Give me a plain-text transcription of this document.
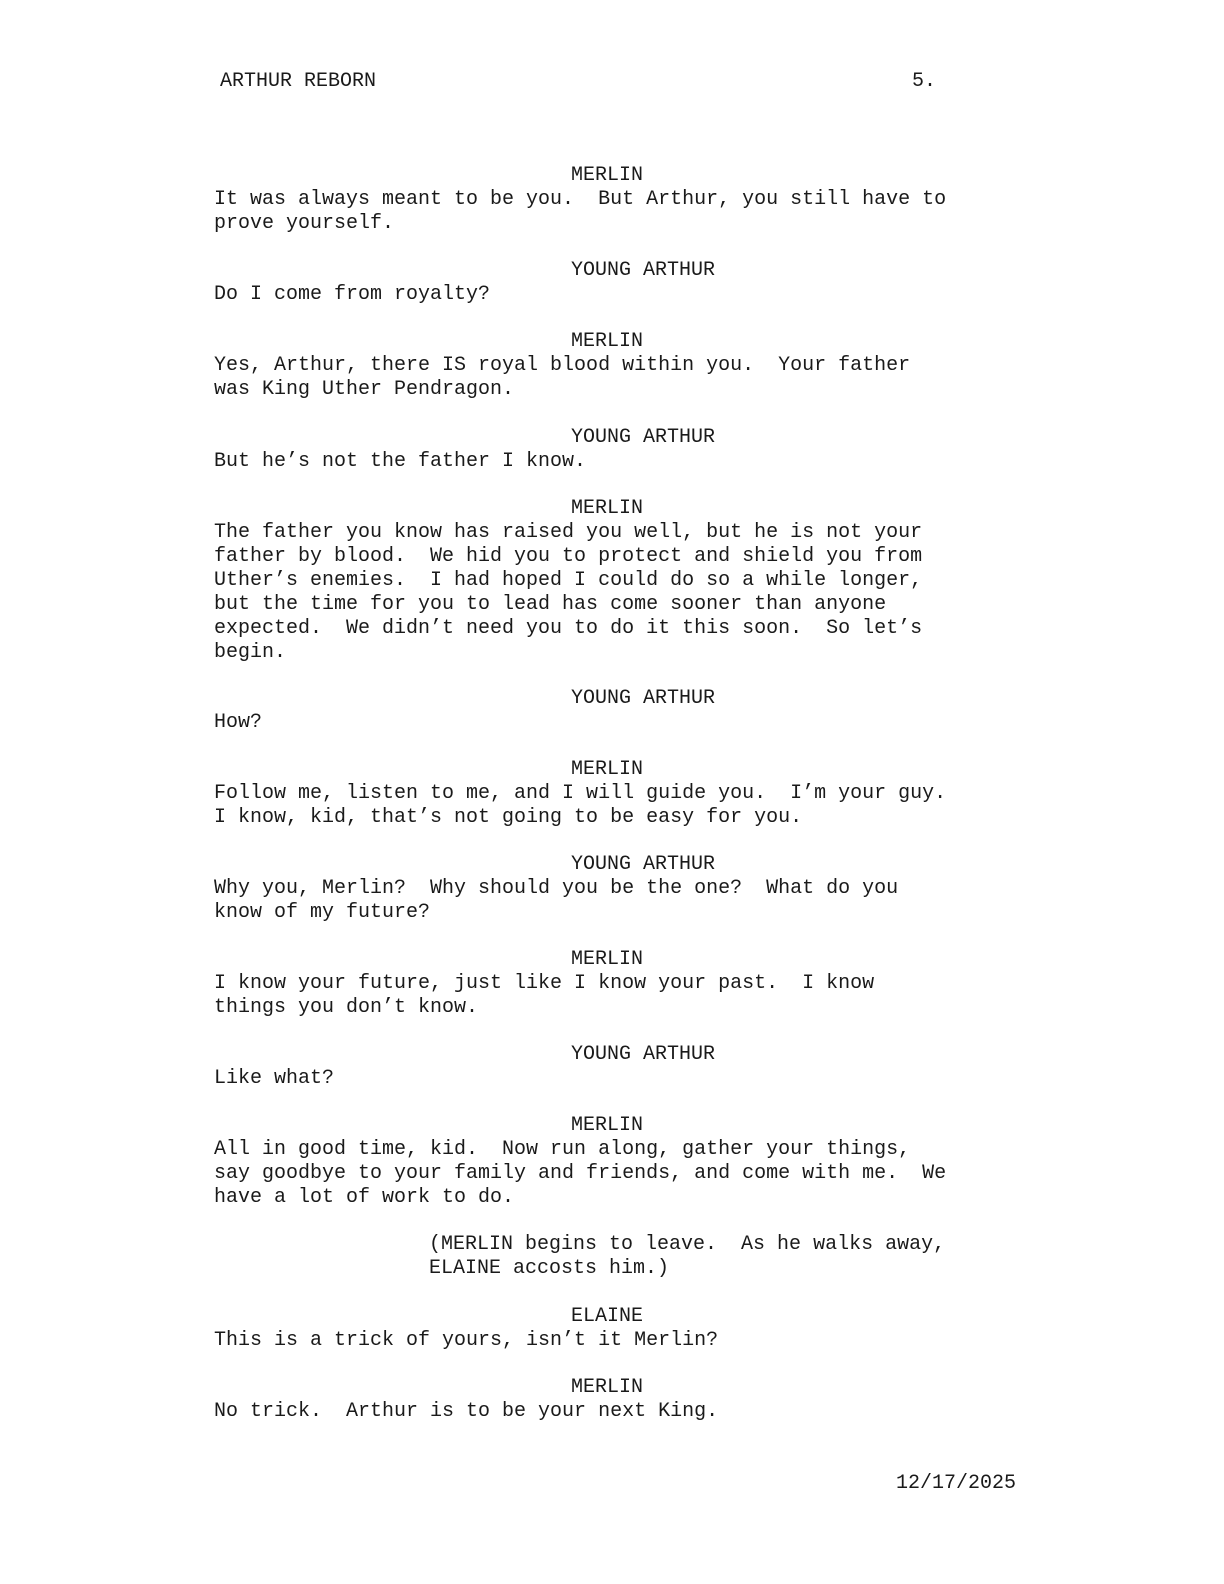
ARTHUR REBORN	5.
MERLIN
It was always meant to be you.  But Arthur, you still have to
prove yourself.
YOUNG ARTHUR
Do I come from royalty?
MERLIN
Yes, Arthur, there IS royal blood within you.  Your father
was King Uther Pendragon.
YOUNG ARTHUR
But he’s not the father I know.
MERLIN
The father you know has raised you well, but he is not your
father by blood.  We hid you to protect and shield you from
Uther’s enemies.  I had hoped I could do so a while longer,
but the time for you to lead has come sooner than anyone
expected.  We didn’t need you to do it this soon.  So let’s
begin.
YOUNG ARTHUR
How?
MERLIN
Follow me, listen to me, and I will guide you.  I’m your guy.
I know, kid, that’s not going to be easy for you.
YOUNG ARTHUR
Why you, Merlin?  Why should you be the one?  What do you
know of my future?
MERLIN
I know your future, just like I know your past.  I know
things you don’t know.
YOUNG ARTHUR
Like what?
MERLIN
All in good time, kid.  Now run along, gather your things,
say goodbye to your family and friends, and come with me.  We
have a lot of work to do.
(MERLIN begins to leave.  As he walks away,
ELAINE accosts him.)
ELAINE
This is a trick of yours, isn’t it Merlin?
MERLIN
No trick.  Arthur is to be your next King.
12/17/2025
